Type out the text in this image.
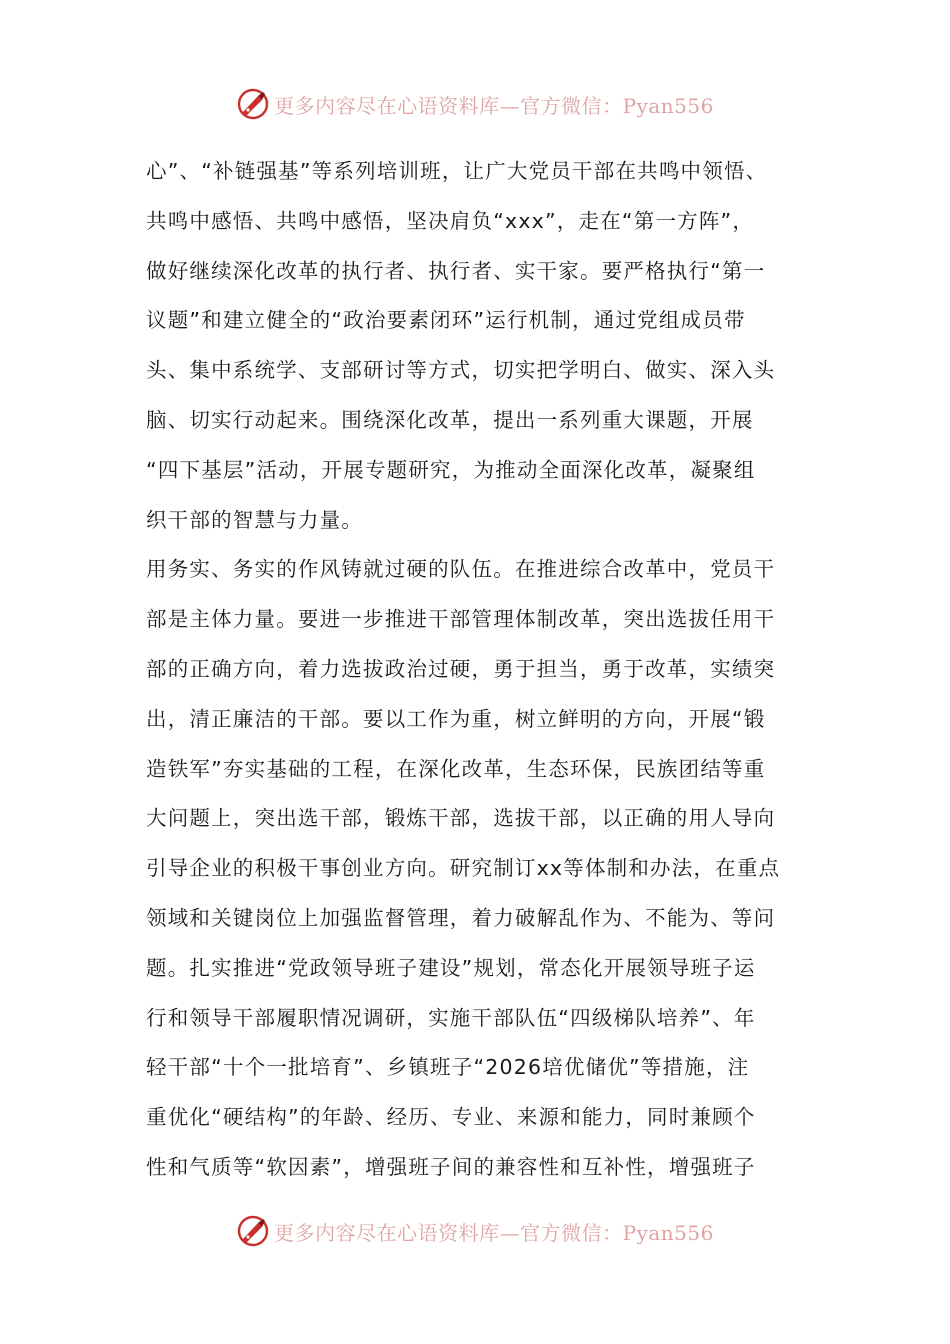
更多内容尽在心语资料库—官方微信：Pyan556
心”、“补链强基”等系列培训班，让广大党员干部在共鸣中领悟、
共鸣中感悟、共鸣中感悟，坚决肩负“xxx”，走在“第一方阵”，
做好继续深化改革的执行者、执行者、实干家。要严格执行“第一
议题”和建立健全的“政治要素闭环”运行机制，通过党组成员带
头、集中系统学、支部研讨等方式，切实把学明白、做实、深入头
脑、切实行动起来。围绕深化改革，提出一系列重大课题，开展
“四下基层”活动，开展专题研究，为推动全面深化改革，凝聚组
织干部的智慧与力量。
用务实、务实的作风铸就过硬的队伍。在推进综合改革中，党员干
部是主体力量。要进一步推进干部管理体制改革，突出选拔任用干
部的正确方向，着力选拔政治过硬，勇于担当，勇于改革，实绩突
出，清正廉洁的干部。要以工作为重，树立鲜明的方向，开展“锻
造铁军”夯实基础的工程，在深化改革，生态环保，民族团结等重
大问题上，突出选干部，锻炼干部，选拔干部，以正确的用人导向
引导企业的积极干事创业方向。研究制订xx等体制和办法，在重点
领域和关键岗位上加强监督管理，着力破解乱作为、不能为、等问
题。扎实推进“党政领导班子建设”规划，常态化开展领导班子运
行和领导干部履职情况调研，实施干部队伍“四级梯队培养”、年
轻干部“十个一批培育”、乡镇班子“2026培优储优”等措施，注
重优化“硬结构”的年龄、经历、专业、来源和能力，同时兼顾个
性和气质等“软因素”，增强班子间的兼容性和互补性，增强班子
更多内容尽在心语资料库—官方微信：Pyan556
